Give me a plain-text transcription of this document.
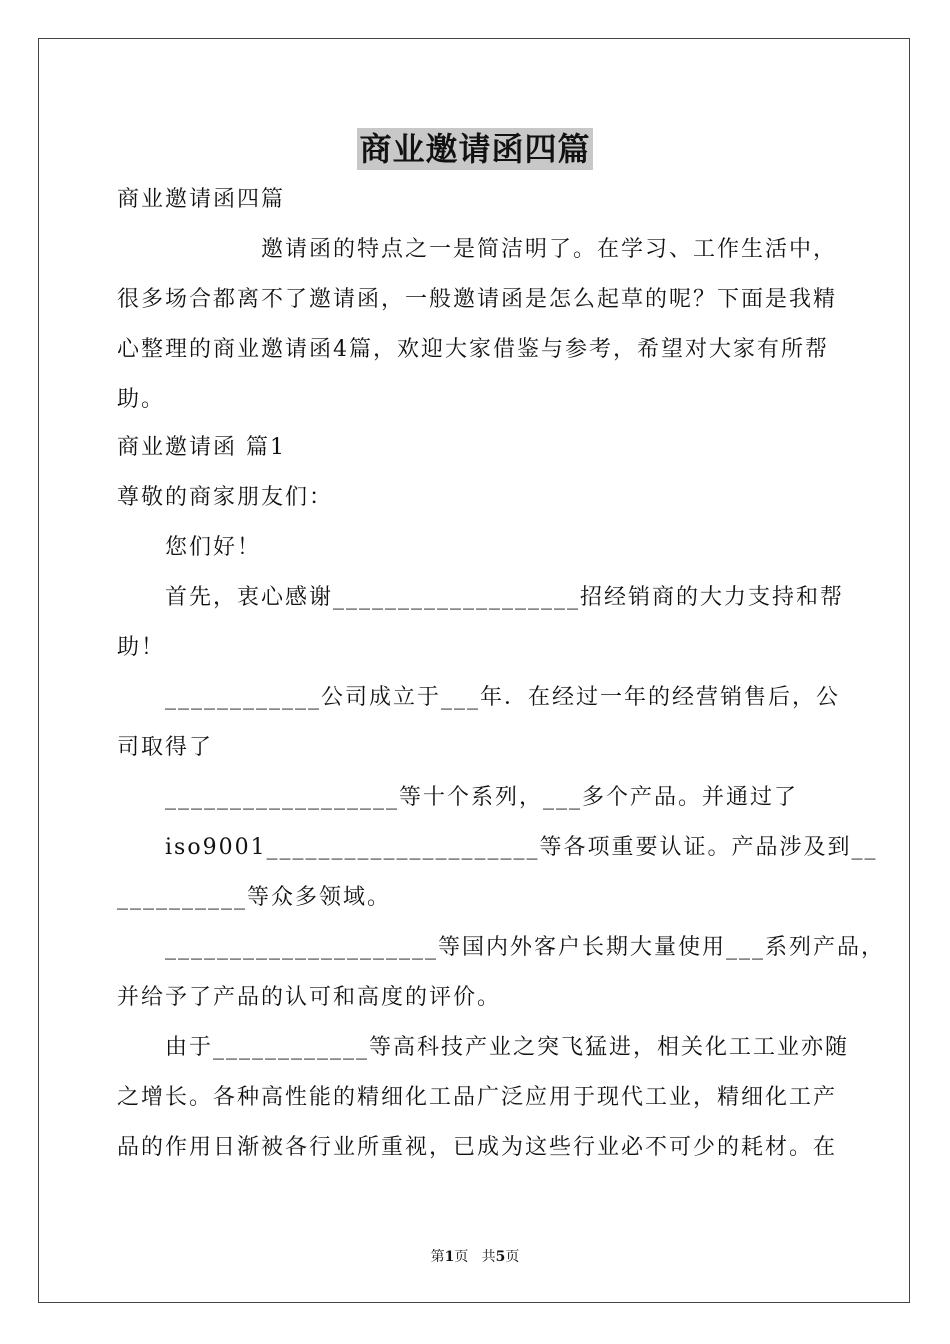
商业邀请函四篇
商业邀请函四篇
　　　　　　邀请函的特点之一是简洁明了。在学习、工作生活中，
很多场合都离不了邀请函，一般邀请函是怎么起草的呢？下面是我精
心整理的商业邀请函4篇，欢迎大家借鉴与参考，希望对大家有所帮
助。
商业邀请函 篇1
尊敬的商家朋友们：
　　您们好！
　　首先，衷心感谢___________________招经销商的大力支持和帮
助！
　　____________公司成立于___年．在经过一年的经营销售后，公
司取得了
　　__________________等十个系列，___多个产品。并通过了
　　iso9001_____________________等各项重要认证。产品涉及到__
__________等众多领域。
　　_____________________等国内外客户长期大量使用___系列产品，
并给予了产品的认可和高度的评价。
　　由于____________等高科技产业之突飞猛进，相关化工工业亦随
之增长。各种高性能的精细化工品广泛应用于现代工业，精细化工产
品的作用日渐被各行业所重视，已成为这些行业必不可少的耗材。在
第1页 共5页
